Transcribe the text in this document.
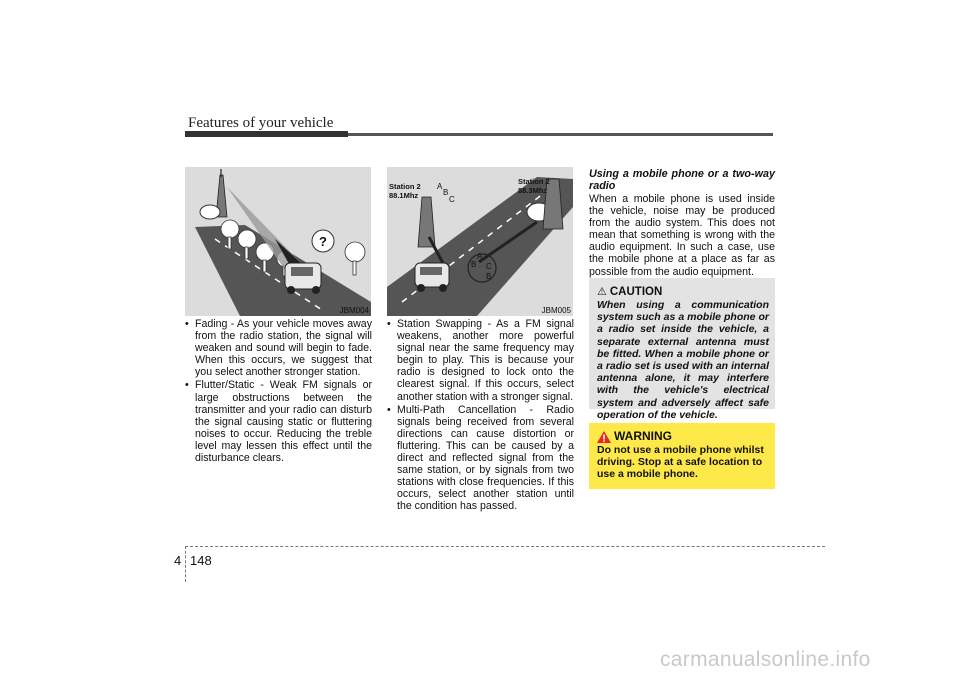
Features of your vehicle
?
JBM004
Station 2
88.1Mhz
Station 2
88.3Mhz
A
B
C
A
B C
B
JBM005
• Fading - As your vehicle moves away from the radio station, the signal will weaken and sound will begin to fade. When this occurs, we suggest that you select another stronger station.
• Flutter/Static - Weak FM signals or large obstructions between the transmitter and your radio can disturb the signal causing static or fluttering noises to occur. Reducing the treble level may lessen this effect until the disturbance clears.
• Station Swapping - As a FM signal weakens, another more powerful signal near the same frequency may begin to play. This is because your radio is designed to lock onto the clearest signal. If this occurs, select another station with a stronger signal.
• Multi-Path Cancellation - Radio signals being received from several directions can cause distortion or fluttering. This can be caused by a direct and reflected signal from the same station, or by signals from two stations with close frequencies. If this occurs, select another station until the condition has passed.

Using a mobile phone or a two-way radio

When a mobile phone is used inside the vehicle, noise may be produced from the audio system. This does not mean that something is wrong with the audio equipment. In such a case, use the mobile phone at a place as far as possible from the audio equipment.

⚠ CAUTION
When using a communication system such as a mobile phone or a radio set inside the vehicle, a separate external antenna must be fitted. When a mobile phone or a radio set is used with an internal antenna alone, it may interfere with the vehicle's electrical system and adversely affect safe operation of the vehicle.
WARNING
Do not use a mobile phone whilst driving. Stop at a safe location to use a mobile phone.
4 148
carmanualsonline.info
